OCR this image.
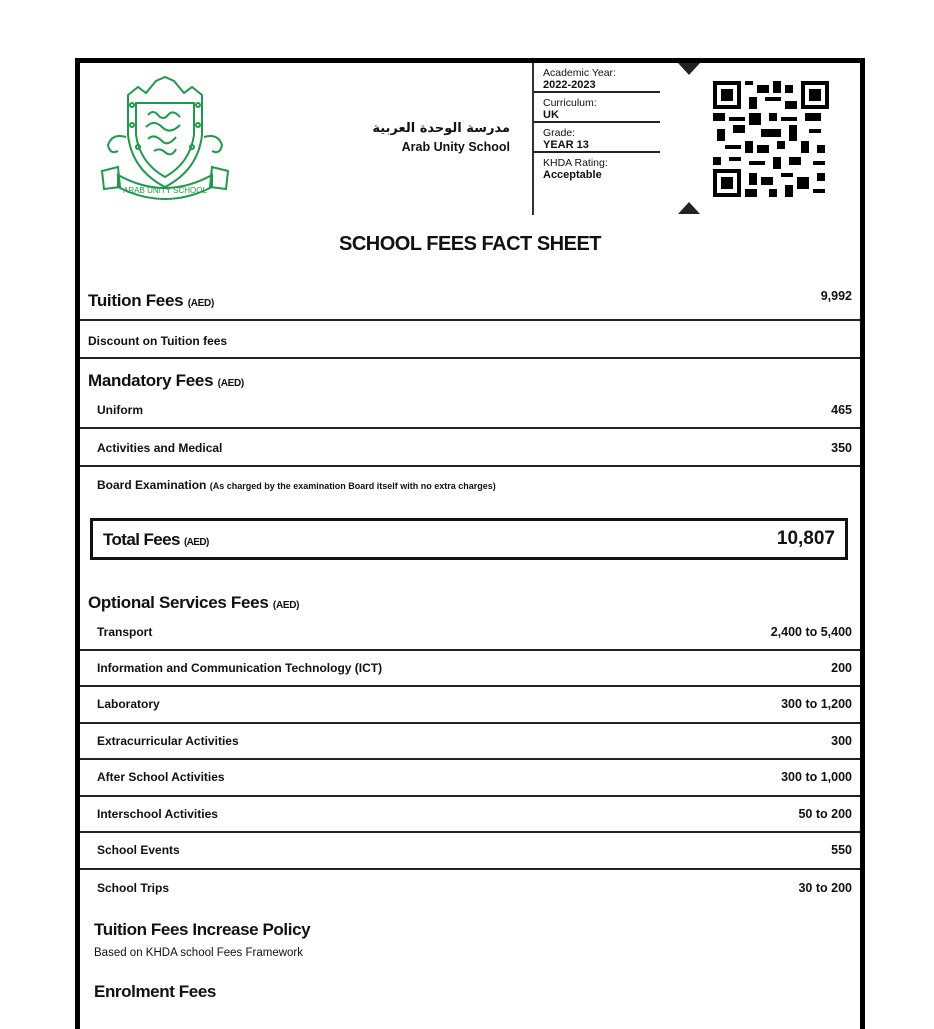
ARAB UNITY SCHOOL
مدرسة الوحدة العربية
Arab Unity School
Academic Year:
2022-2023
Curriculum:
UK
Grade:
YEAR 13
KHDA Rating:
Acceptable
SCHOOL FEES FACT SHEET
Tuition Fees (AED)
9,992
Discount on Tuition fees
Mandatory Fees (AED)
Uniform	465
Activities and Medical	350
Board Examination (As charged by the examination Board itself with no extra charges)
Total Fees (AED)	10,807
Optional Services Fees (AED)
Transport	2,400 to 5,400
Information and Communication Technology (ICT)	200
Laboratory	300 to 1,200
Extracurricular Activities	300
After School Activities	300 to 1,000
Interschool Activities	50 to 200
School Events	550
School Trips	30 to 200
Tuition Fees Increase Policy
Based on KHDA school Fees Framework
Enrolment Fees
